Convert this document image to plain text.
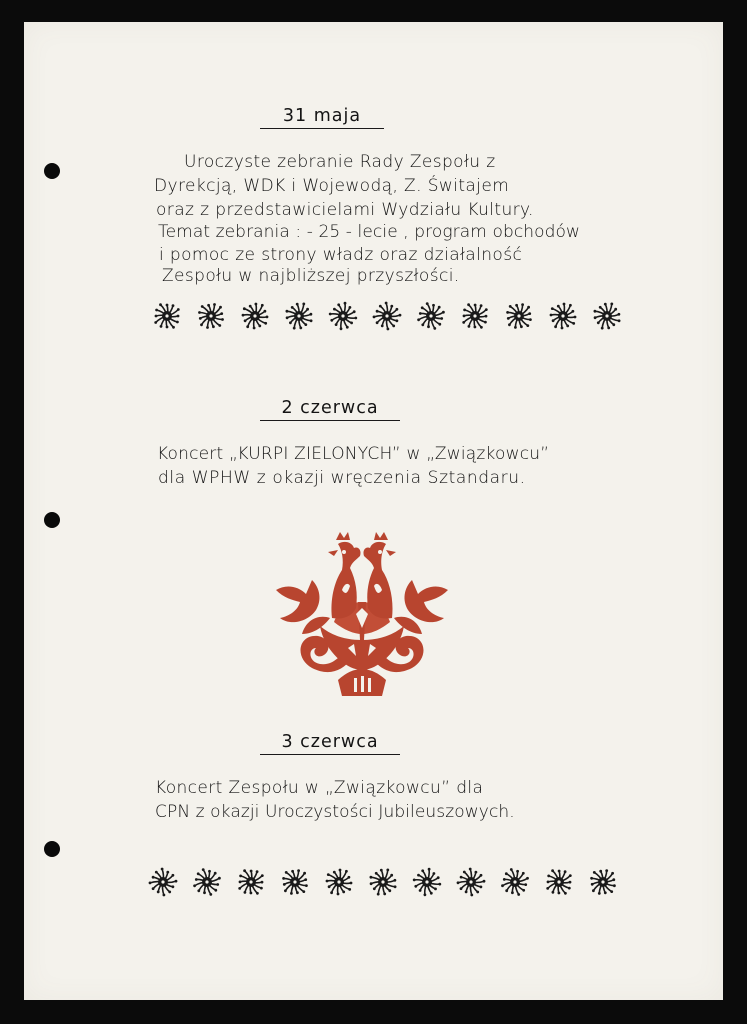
31 maja
Uroczyste zebranie Rady Zespołu z
Dyrekcją, WDK i Wojewodą, Z. Świtajem
oraz z przedstawicielami Wydziału Kultury.
Temat zebrania : - 25 - lecie , program obchodów
i pomoc ze strony władz oraz działalność
Zespołu w najbliższej przyszłości.
2 czerwca
Koncert „KURPI ZIELONYCH” w „Związkowcu”
dla WPHW z okazji wręczenia Sztandaru.
3 czerwca
Koncert Zespołu w „Związkowcu” dla
CPN z okazji Uroczystości Jubileuszowych.
